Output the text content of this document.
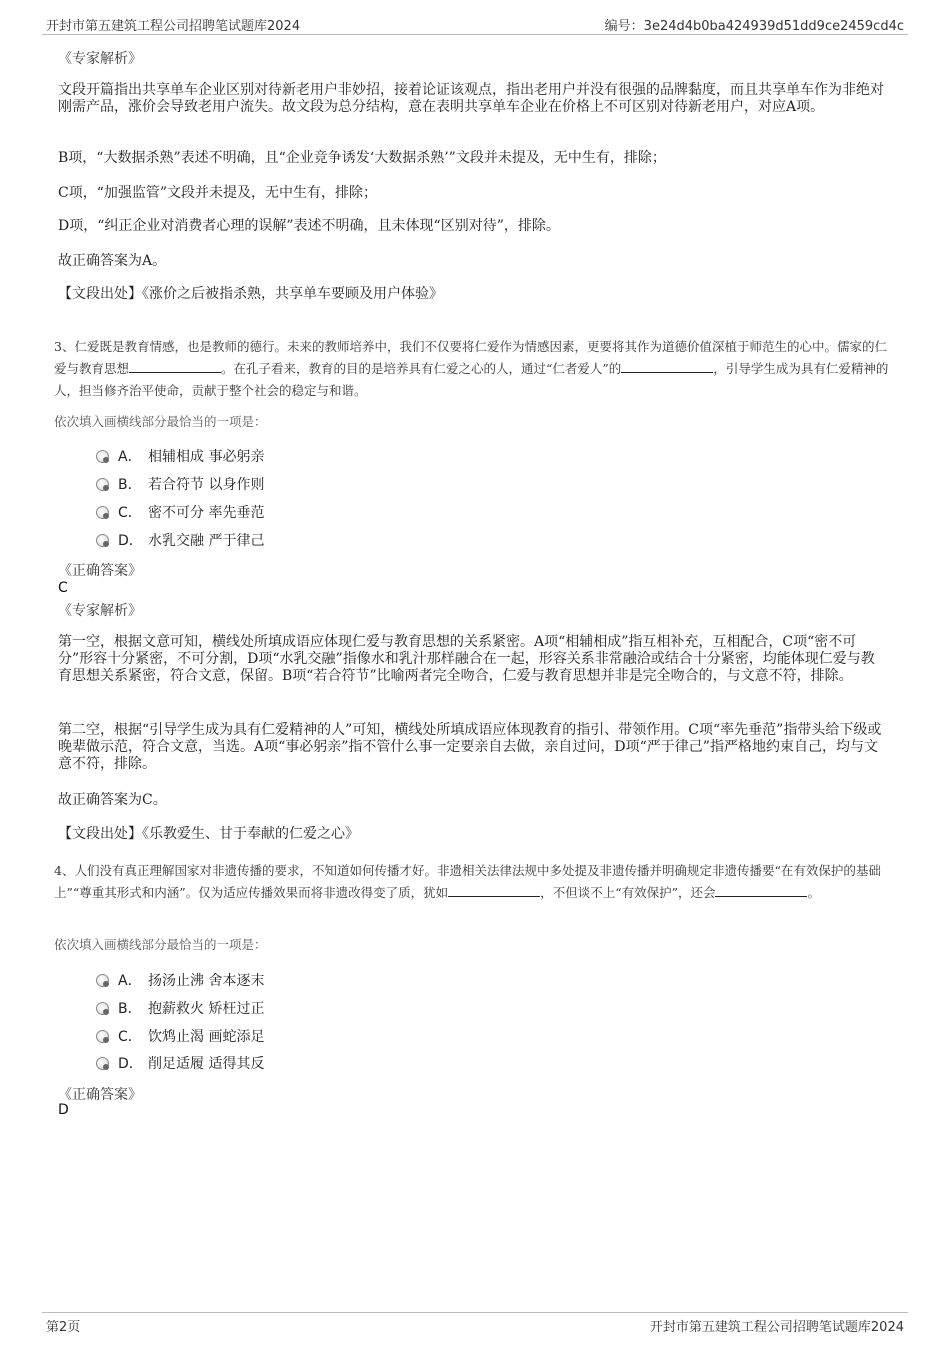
开封市第五建筑工程公司招聘笔试题库2024	编号：3e24d4b0ba424939d51dd9ce2459cd4c
《专家解析》
文段开篇指出共享单车企业区别对待新老用户非妙招，接着论证该观点，指出老用户并没有很强的品牌黏度，而且共享单车作为非绝对刚需产品，涨价会导致老用户流失。故文段为总分结构，意在表明共享单车企业在价格上不可区别对待新老用户，对应A项。
B项，“大数据杀熟”表述不明确，且“企业竞争诱发‘大数据杀熟’”文段并未提及，无中生有，排除；
C项，“加强监管”文段并未提及，无中生有，排除；
D项，“纠正企业对消费者心理的误解”表述不明确，且未体现“区别对待”，排除。
故正确答案为A。
【文段出处】《涨价之后被指杀熟，共享单车要顾及用户体验》
3、仁爱既是教育情感，也是教师的德行。未来的教师培养中，我们不仅要将仁爱作为情感因素，更要将其作为道德价值深植于师范生的心中。儒家的仁爱与教育思想	。在孔子看来，教育的目的是培养具有仁爱之心的人，通过“仁者爱人”的	，引导学生成为具有仁爱精神的人，担当修齐治平使命，贡献于整个社会的稳定与和谐。
依次填入画横线部分最恰当的一项是：
A． 相辅相成 事必躬亲
B． 若合符节 以身作则
C． 密不可分 率先垂范
D． 水乳交融 严于律己
《正确答案》
C
《专家解析》
第一空，根据文意可知，横线处所填成语应体现仁爱与教育思想的关系紧密。A项“相辅相成”指互相补充，互相配合，C项“密不可分”形容十分紧密，不可分割，D项“水乳交融”指像水和乳汁那样融合在一起，形容关系非常融洽或结合十分紧密，均能体现仁爱与教育思想关系紧密，符合文意，保留。B项“若合符节”比喻两者完全吻合，仁爱与教育思想并非是完全吻合的，与文意不符，排除。
第二空，根据“引导学生成为具有仁爱精神的人”可知，横线处所填成语应体现教育的指引、带领作用。C项“率先垂范”指带头给下级或晚辈做示范，符合文意，当选。A项“事必躬亲”指不管什么事一定要亲自去做，亲自过问，D项“严于律己”指严格地约束自己，均与文意不符，排除。
故正确答案为C。
【文段出处】《乐教爱生、甘于奉献的仁爱之心》
4、人们没有真正理解国家对非遗传播的要求，不知道如何传播才好。非遗相关法律法规中多处提及非遗传播并明确规定非遗传播要“在有效保护的基础上”“尊重其形式和内涵”。仅为适应传播效果而将非遗改得变了质，犹如	，不但谈不上“有效保护”，还会	。
依次填入画横线部分最恰当的一项是：
A． 扬汤止沸 舍本逐末
B． 抱薪救火 矫枉过正
C． 饮鸩止渴 画蛇添足
D． 削足适履 适得其反
《正确答案》
D
第2页	开封市第五建筑工程公司招聘笔试题库2024
